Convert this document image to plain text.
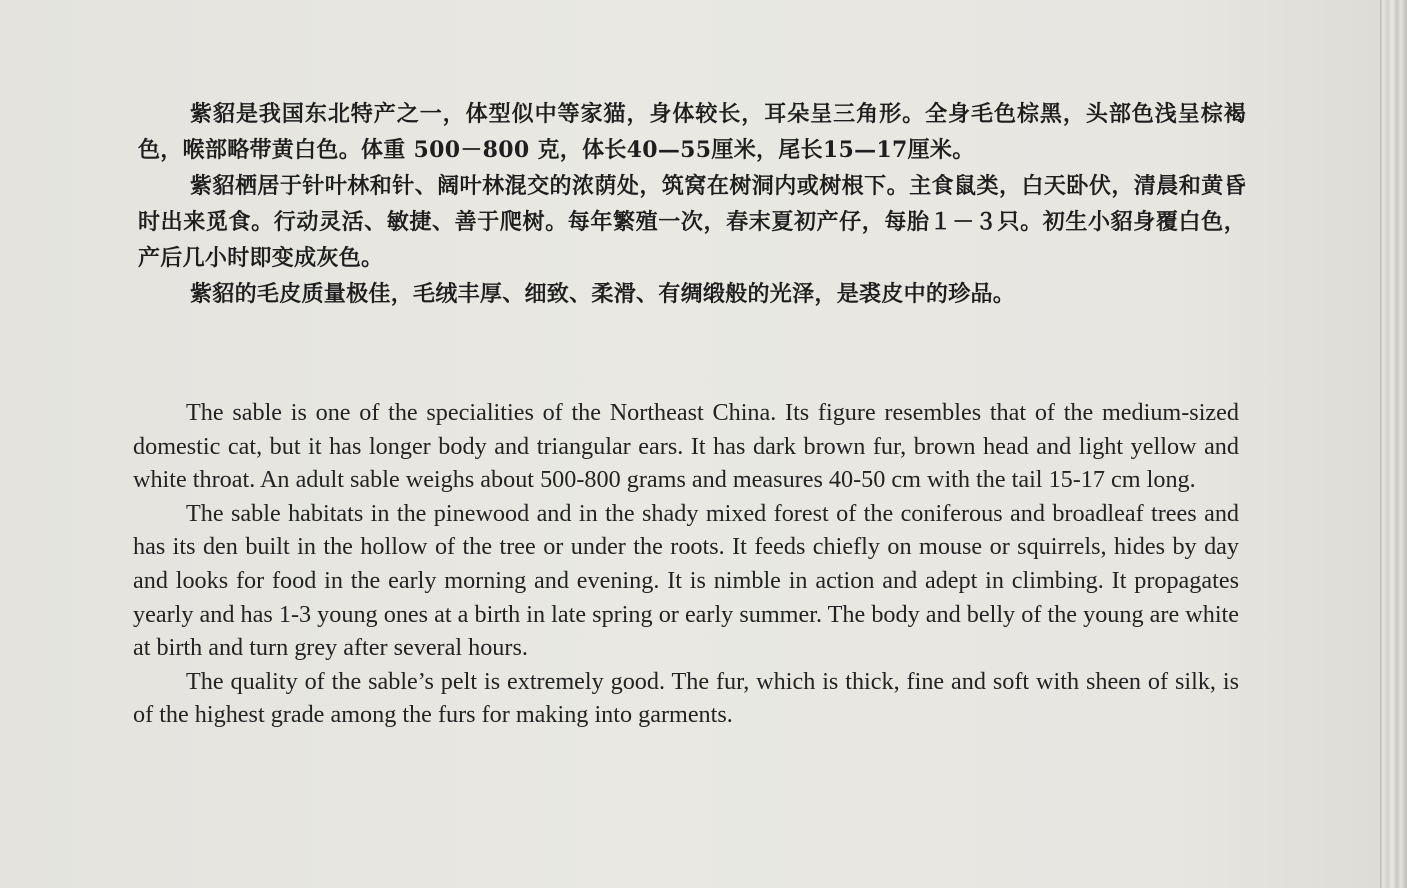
紫貂是我国东北特产之一，体型似中等家猫，身体较长，耳朵呈三角形。全身毛色棕黑，头部色浅呈棕褐色，喉部略带黄白色。体重 500－800 克，体长40—55厘米，尾长15—17厘米。

紫貂栖居于针叶林和针、阔叶林混交的浓荫处，筑窝在树洞内或树根下。主食鼠类，白天卧伏，清晨和黄昏时出来觅食。行动灵活、敏捷、善于爬树。每年繁殖一次，春末夏初产仔，每胎１－３只。初生小貂身覆白色，产后几小时即变成灰色。

紫貂的毛皮质量极佳，毛绒丰厚、细致、柔滑、有绸缎般的光泽，是裘皮中的珍品。

The sable is one of the specialities of the Northeast China. Its figure resembles that of the medium-sized domestic cat, but it has longer body and triangular ears. It has dark brown fur, brown head and light yellow and white throat. An adult sable weighs about 500-800 grams and measures 40-50 cm with the tail 15-17 cm long.

The sable habitats in the pinewood and in the shady mixed forest of the coniferous and broadleaf trees and has its den built in the hollow of the tree or under the roots. It feeds chiefly on mouse or squirrels, hides by day and looks for food in the early morning and evening. It is nimble in action and adept in climbing. It propagates yearly and has 1-3 young ones at a birth in late spring or early summer. The body and belly of the young are white at birth and turn grey after several hours.

The quality of the sable’s pelt is extremely good. The fur, which is thick, fine and soft with sheen of silk, is of the highest grade among the furs for making into garments.
